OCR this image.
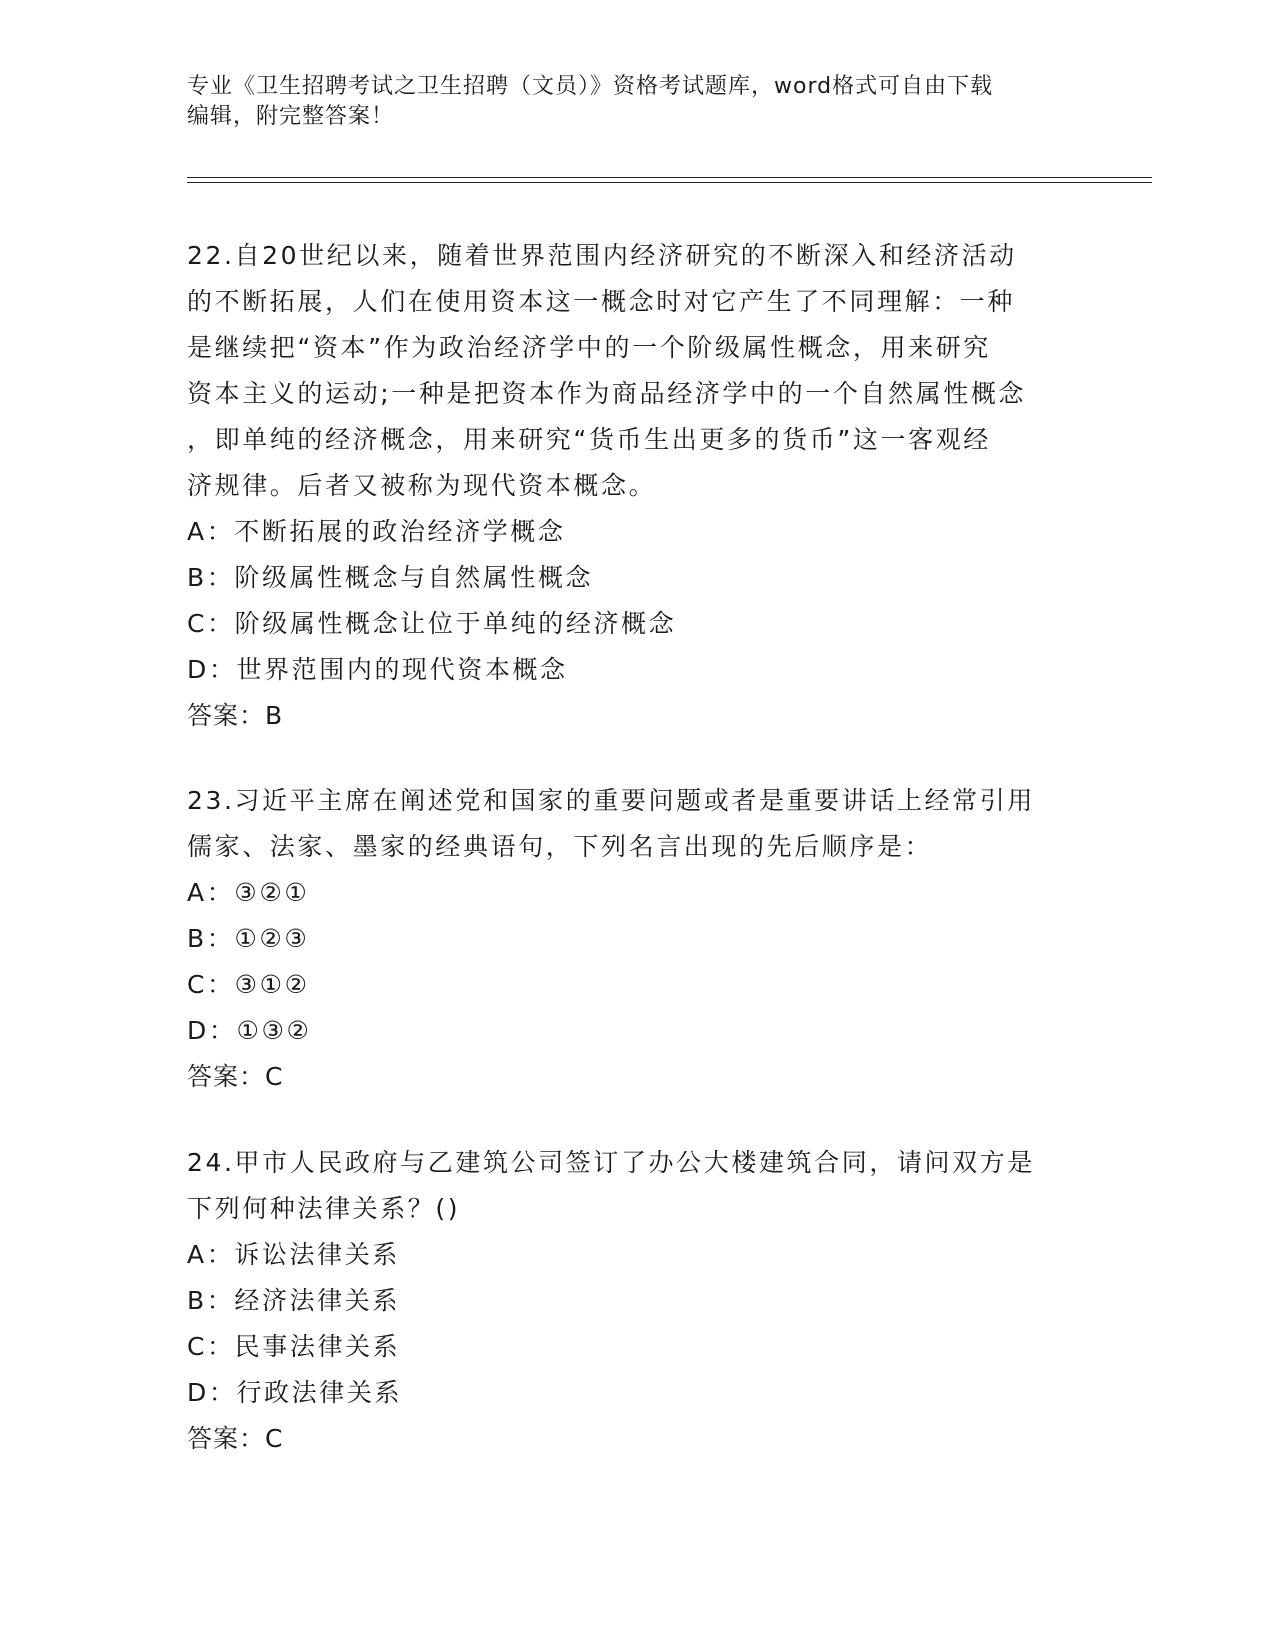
专业《卫生招聘考试之卫生招聘（文员）》资格考试题库，word格式可自由下载
编辑，附完整答案！
22.自20世纪以来，随着世界范围内经济研究的不断深入和经济活动
的不断拓展，人们在使用资本这一概念时对它产生了不同理解：一种
是继续把“资本”作为政治经济学中的一个阶级属性概念，用来研究
资本主义的运动;一种是把资本作为商品经济学中的一个自然属性概念
，即单纯的经济概念，用来研究“货币生出更多的货币”这一客观经
济规律。后者又被称为现代资本概念。
A：不断拓展的政治经济学概念
B：阶级属性概念与自然属性概念
C：阶级属性概念让位于单纯的经济概念
D：世界范围内的现代资本概念
答案：B
23.习近平主席在阐述党和国家的重要问题或者是重要讲话上经常引用
儒家、法家、墨家的经典语句，下列名言出现的先后顺序是：
A：③②①
B：①②③
C：③①②
D：①③②
答案：C
24.甲市人民政府与乙建筑公司签订了办公大楼建筑合同，请问双方是
下列何种法律关系？()
A：诉讼法律关系
B：经济法律关系
C：民事法律关系
D：行政法律关系
答案：C
